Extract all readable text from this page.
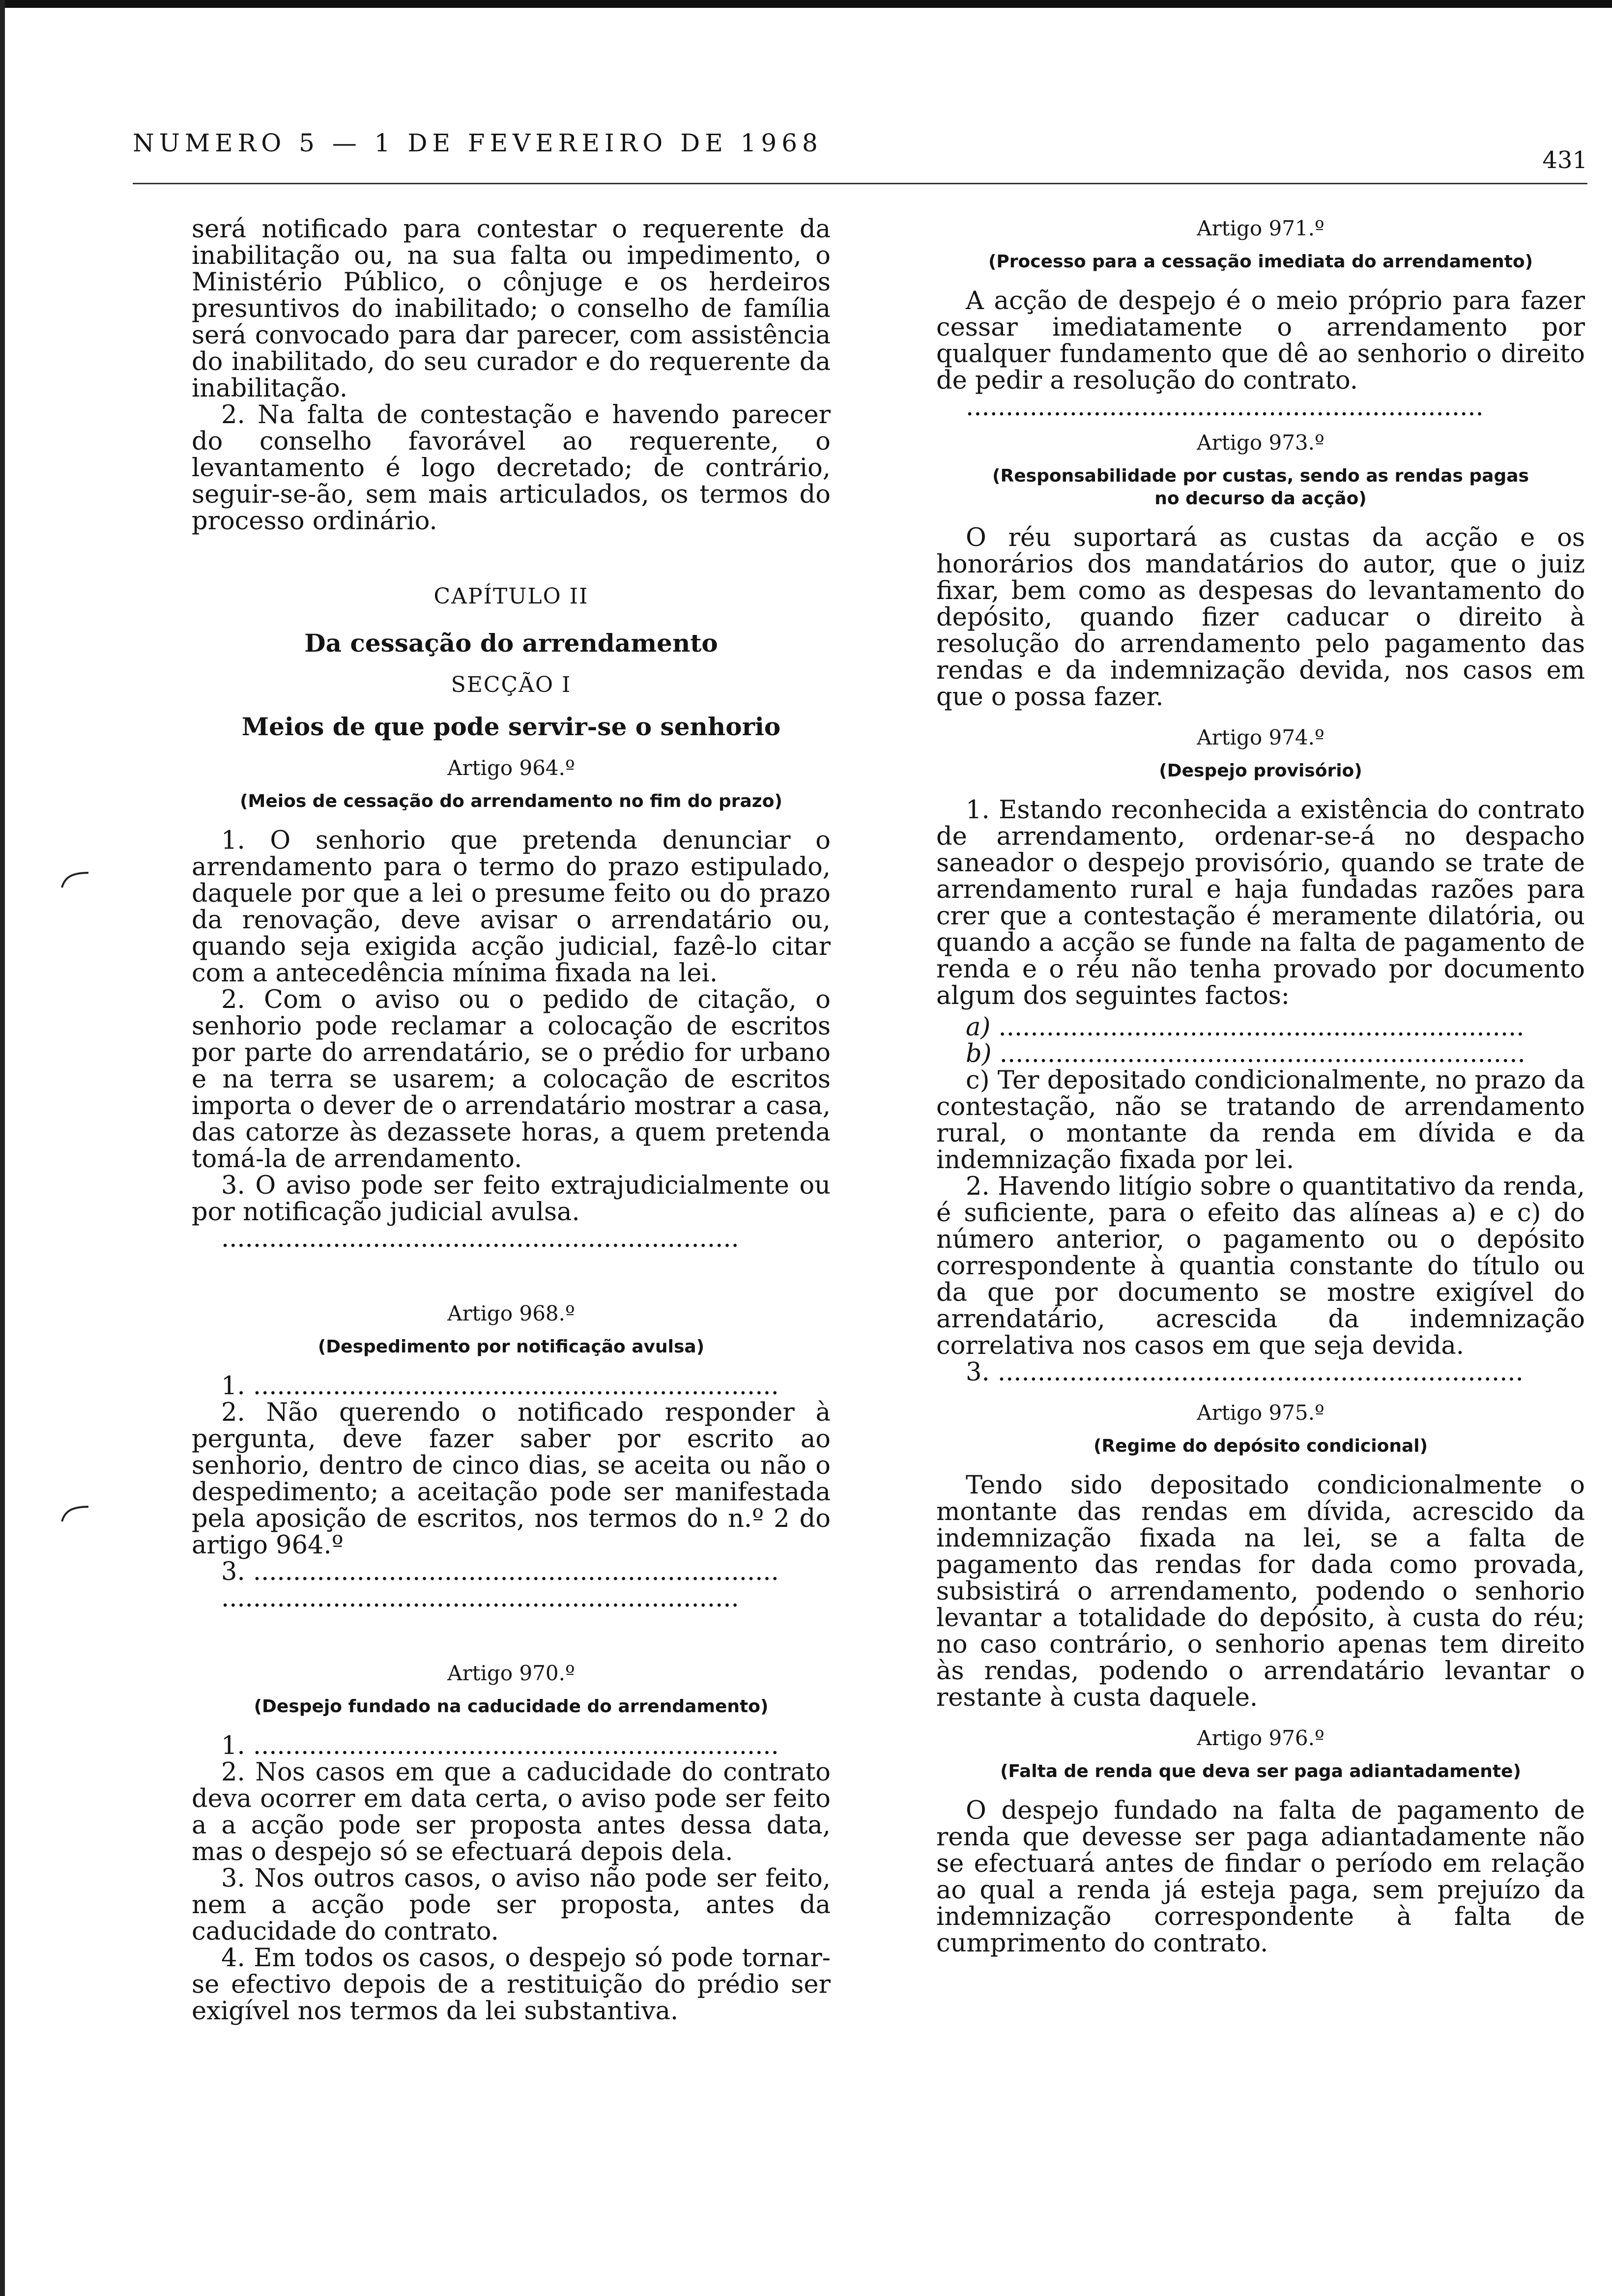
NUMERO 5 — 1 DE FEVEREIRO DE 1968
431

será notificado para contestar o requerente da inabilitação ou, na sua falta ou impedimento, o Ministério Público, o cônjuge e os herdeiros presuntivos do inabilitado; o conselho de família será convocado para dar parecer, com assistência do inabilitado, do seu curador e do requerente da inabilitação.

2. Na falta de contestação e havendo parecer do conselho favorável ao requerente, o levantamento é logo decretado; de contrário, seguir-se-ão, sem mais articulados, os termos do processo ordinário.

CAPÍTULO II

Da cessação do arrendamento

SECÇÃO I

Meios de que pode servir-se o senhorio

Artigo 964.º

(Meios de cessação do arrendamento no fim do prazo)

1. O senhorio que pretenda denunciar o arrendamento para o termo do prazo estipulado, daquele por que a lei o presume feito ou do prazo da renovação, deve avisar o arrendatário ou, quando seja exigida acção judicial, fazê-lo citar com a antecedência mínima fixada na lei.

2. Com o aviso ou o pedido de citação, o senhorio pode reclamar a colocação de escritos por parte do arrendatário, se o prédio for urbano e na terra se usarem; a colocação de escritos importa o dever de o arrendatário mostrar a casa, das catorze às dezassete horas, a quem pretenda tomá-la de arrendamento.

3. O aviso pode ser feito extrajudicialmente ou por notificação judicial avulsa.

.................................................................

Artigo 968.º

(Despedimento por notificação avulsa)

1. ..................................................................

2. Não querendo o notificado responder à pergunta, deve fazer saber por escrito ao senhorio, dentro de cinco dias, se aceita ou não o despedimento; a aceitação pode ser manifestada pela aposição de escritos, nos termos do n.º 2 do artigo 964.º

3. ..................................................................

.................................................................

Artigo 970.º

(Despejo fundado na caducidade do arrendamento)

1. ..................................................................

2. Nos casos em que a caducidade do contrato deva ocorrer em data certa, o aviso pode ser feito a a acção pode ser proposta antes dessa data, mas o despejo só se efectuará depois dela.

3. Nos outros casos, o aviso não pode ser feito, nem a acção pode ser proposta, antes da caducidade do contrato.

4. Em todos os casos, o despejo só pode tornar-se efectivo depois de a restituição do prédio ser exigível nos termos da lei substantiva.

Artigo 971.º

(Processo para a cessação imediata do arrendamento)

A acção de despejo é o meio próprio para fazer cessar imediatamente o arrendamento por qualquer fundamento que dê ao senhorio o direito de pedir a resolução do contrato.

.................................................................

Artigo 973.º

(Responsabilidade por custas, sendo as rendas pagas

no decurso da acção)

O réu suportará as custas da acção e os honorários dos mandatários do autor, que o juiz fixar, bem como as despesas do levantamento do depósito, quando fizer caducar o direito à resolução do arrendamento pelo pagamento das rendas e da indemnização devida, nos casos em que o possa fazer.

Artigo 974.º

(Despejo provisório)

1. Estando reconhecida a existência do contrato de arrendamento, ordenar-se-á no despacho saneador o despejo provisório, quando se trate de arrendamento rural e haja fundadas razões para crer que a contestação é meramente dilatória, ou quando a acção se funde na falta de pagamento de renda e o réu não tenha provado por documento algum dos seguintes factos:

a) ..................................................................

b) ..................................................................

c) Ter depositado condicionalmente, no prazo da contestação, não se tratando de arrendamento rural, o montante da renda em dívida e da indemnização fixada por lei.

2. Havendo litígio sobre o quantitativo da renda, é suficiente, para o efeito das alíneas a) e c) do número anterior, o pagamento ou o depósito correspondente à quantia constante do título ou da que por documento se mostre exigível do arrendatário, acrescida da indemnização correlativa nos casos em que seja devida.

3. ..................................................................

Artigo 975.º

(Regime do depósito condicional)

Tendo sido depositado condicionalmente o montante das rendas em dívida, acrescido da indemnização fixada na lei, se a falta de pagamento das rendas for dada como provada, subsistirá o arrendamento, podendo o senhorio levantar a totalidade do depósito, à custa do réu; no caso contrário, o senhorio apenas tem direito às rendas, podendo o arrendatário levantar o restante à custa daquele.

Artigo 976.º

(Falta de renda que deva ser paga adiantadamente)

O despejo fundado na falta de pagamento de renda que devesse ser paga adiantadamente não se efectuará antes de findar o período em relação ao qual a renda já esteja paga, sem prejuízo da indemnização correspondente à falta de cumprimento do contrato.
